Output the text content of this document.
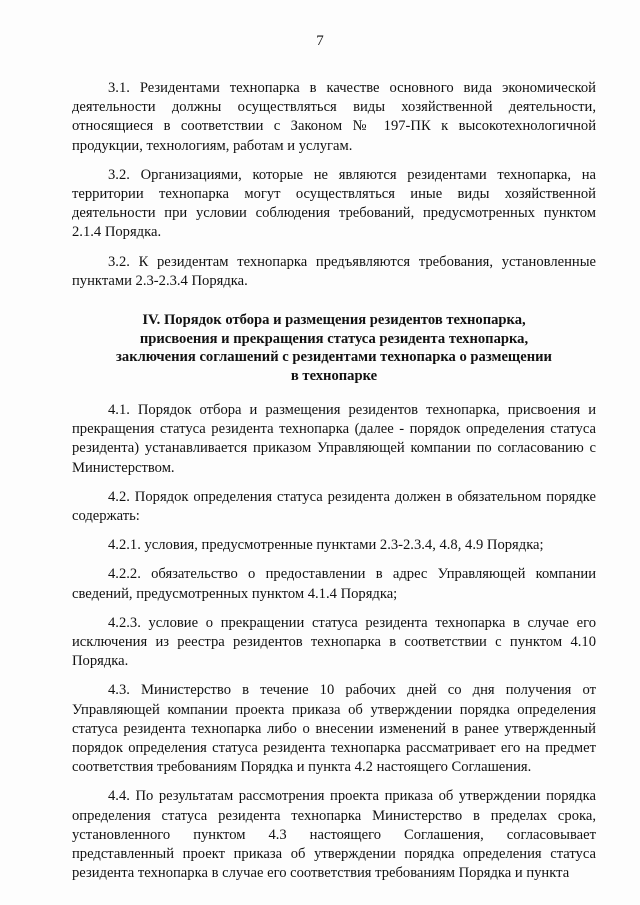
7

3.1. Резидентами технопарка в качестве основного вида экономической деятельности должны осуществляться виды хозяйственной деятельности, относящиеся в соответствии с Законом № 197-ПК к высокотехнологичной продукции, технологиям, работам и услугам.

3.2. Организациями, которые не являются резидентами технопарка, на территории технопарка могут осуществляться иные виды хозяйственной деятельности при условии соблюдения требований, предусмотренных пунктом 2.1.4 Порядка.

3.2. К резидентам технопарка предъявляются требования, установленные пунктами 2.3-2.3.4 Порядка.

IV. Порядок отбора и размещения резидентов технопарка,
присвоения и прекращения статуса резидента технопарка,
заключения соглашений с резидентами технопарка о размещении
в технопарке

4.1. Порядок отбора и размещения резидентов технопарка, присвоения и прекращения статуса резидента технопарка (далее - порядок определения статуса резидента) устанавливается приказом Управляющей компании по согласованию с Министерством.

4.2. Порядок определения статуса резидента должен в обязательном порядке содержать:

4.2.1. условия, предусмотренные пунктами 2.3-2.3.4, 4.8, 4.9 Порядка;

4.2.2. обязательство о предоставлении в адрес Управляющей компании сведений, предусмотренных пунктом 4.1.4 Порядка;

4.2.3. условие о прекращении статуса резидента технопарка в случае его исключения из реестра резидентов технопарка в соответствии с пунктом 4.10 Порядка.

4.3. Министерство в течение 10 рабочих дней со дня получения от Управляющей компании проекта приказа об утверждении порядка определения статуса резидента технопарка либо о внесении изменений в ранее утвержденный порядок определения статуса резидента технопарка рассматривает его на предмет соответствия требованиям Порядка и пункта 4.2 настоящего Соглашения.

4.4. По результатам рассмотрения проекта приказа об утверждении порядка определения статуса резидента технопарка Министерство в пределах срока, установленного пунктом 4.3 настоящего Соглашения, согласовывает представленный проект приказа об утверждении порядка определения статуса резидента технопарка в случае его соответствия требованиям Порядка и пункта
